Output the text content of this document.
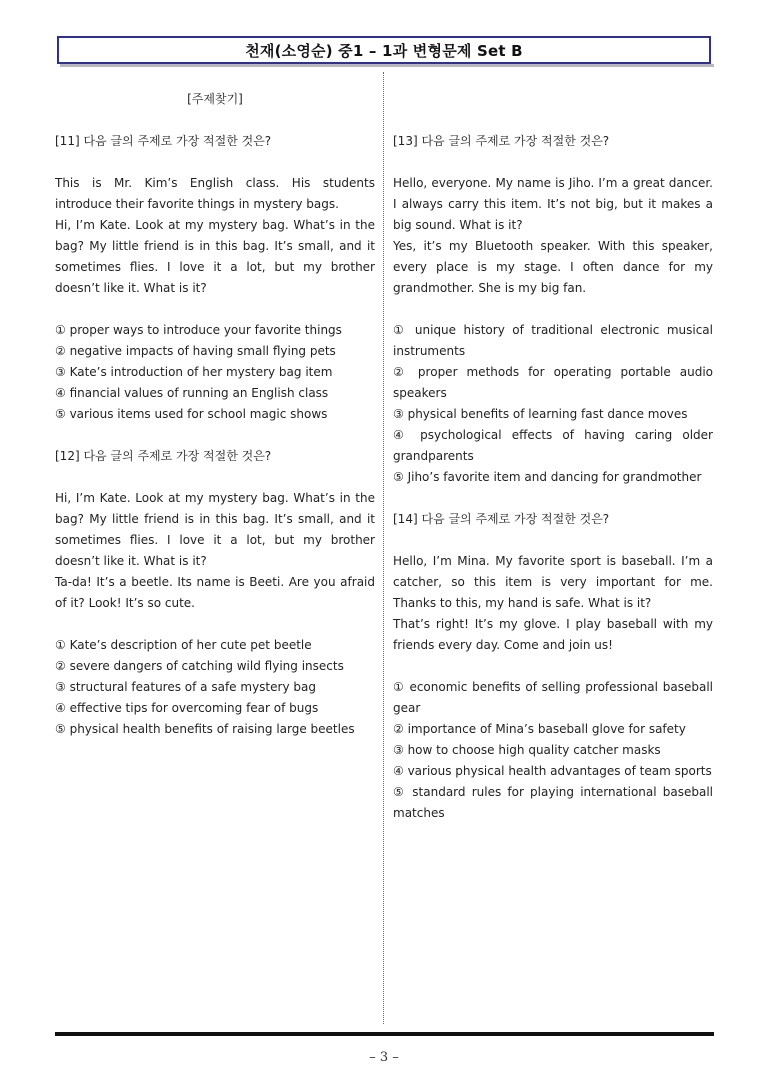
천재(소영순) 중1 – 1과 변형문제 Set B
[주제찾기]
[11] 다음 글의 주제로 가장 적절한 것은?

This is Mr. Kim’s English class. His students introduce their favorite things in mystery bags.

Hi, I’m Kate. Look at my mystery bag. What’s in the bag? My little friend is in this bag. It’s small, and it sometimes flies. I love it a lot, but my brother doesn’t like it. What is it?

① proper ways to introduce your favorite things
② negative impacts of having small flying pets
③ Kate’s introduction of her mystery bag item
④ financial values of running an English class
⑤ various items used for school magic shows
[12] 다음 글의 주제로 가장 적절한 것은?

Hi, I’m Kate. Look at my mystery bag. What’s in the bag? My little friend is in this bag. It’s small, and it sometimes flies. I love it a lot, but my brother doesn’t like it. What is it?

Ta-da! It’s a beetle. Its name is Beeti. Are you afraid of it? Look! It’s so cute.

① Kate’s description of her cute pet beetle
② severe dangers of catching wild flying insects
③ structural features of a safe mystery bag
④ effective tips for overcoming fear of bugs
⑤ physical health benefits of raising large beetles
[13] 다음 글의 주제로 가장 적절한 것은?

Hello, everyone. My name is Jiho. I’m a great dancer. I always carry this item. It’s not big, but it makes a big sound. What is it?

Yes, it’s my Bluetooth speaker. With this speaker, every place is my stage. I often dance for my grandmother. She is my big fan.

① unique history of traditional electronic musical instruments
② proper methods for operating portable audio speakers
③ physical benefits of learning fast dance moves
④ psychological effects of having caring older grandparents
⑤ Jiho’s favorite item and dancing for grandmother
[14] 다음 글의 주제로 가장 적절한 것은?

Hello, I’m Mina. My favorite sport is baseball. I’m a catcher, so this item is very important for me. Thanks to this, my hand is safe. What is it?

That’s right! It’s my glove. I play baseball with my friends every day. Come and join us!

① economic benefits of selling professional baseball gear
② importance of Mina’s baseball glove for safety
③ how to choose high quality catcher masks
④ various physical health advantages of team sports
⑤ standard rules for playing international baseball matches
– 3 –
